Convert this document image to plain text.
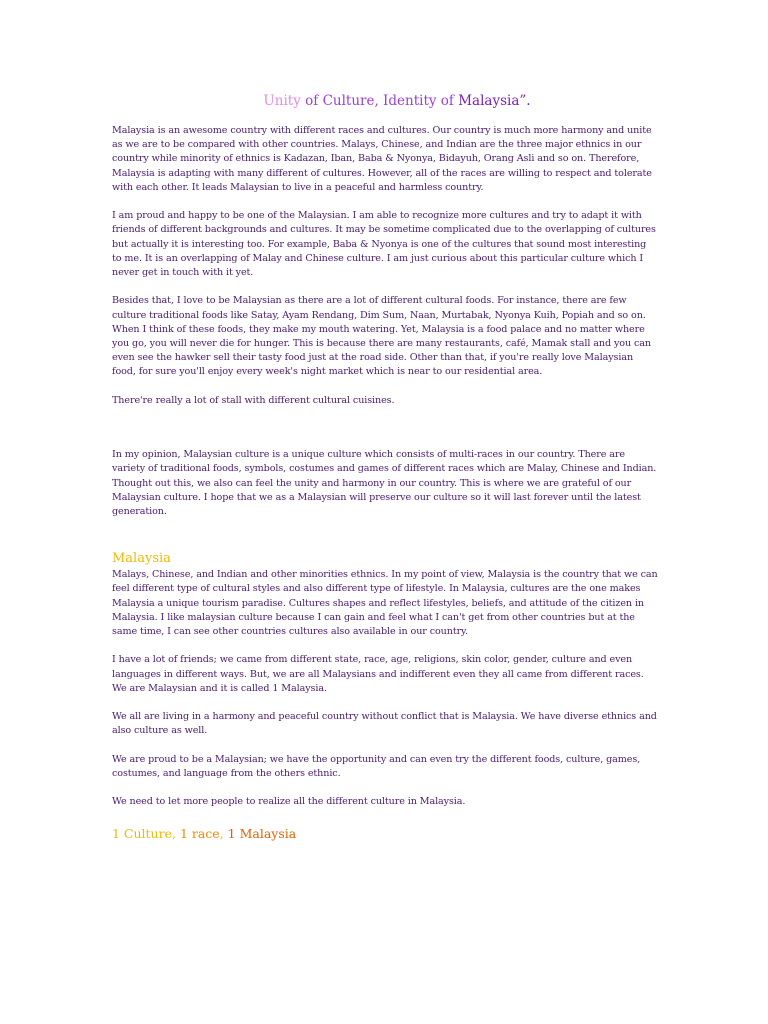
Unity of Culture, Identity of Malaysia”.

Malaysia is an awesome country with different races and cultures. Our country is much more harmony and unite as we are to be compared with other countries. Malays, Chinese, and Indian are the three major ethnics in our country while minority of ethnics is Kadazan, Iban, Baba & Nyonya, Bidayuh, Orang Asli and so on. Therefore, Malaysia is adapting with many different of cultures. However, all of the races are willing to respect and tolerate with each other. It leads Malaysian to live in a peaceful and harmless country.

I am proud and happy to be one of the Malaysian. I am able to recognize more cultures and try to adapt it with friends of different backgrounds and cultures. It may be sometime complicated due to the overlapping of cultures but actually it is interesting too. For example, Baba & Nyonya is one of the cultures that sound most interesting to me. It is an overlapping of Malay and Chinese culture. I am just curious about this particular culture which I never get in touch with it yet.

Besides that, I love to be Malaysian as there are a lot of different cultural foods. For instance, there are few culture traditional foods like Satay, Ayam Rendang, Dim Sum, Naan, Murtabak, Nyonya Kuih, Popiah and so on. When I think of these foods, they make my mouth watering. Yet, Malaysia is a food palace and no matter where you go, you will never die for hunger. This is because there are many restaurants, café, Mamak stall and you can even see the hawker sell their tasty food just at the road side. Other than that, if you're really love Malaysian food, for sure you'll enjoy every week's night market which is near to our residential area.

There're really a lot of stall with different cultural cuisines.

In my opinion, Malaysian culture is a unique culture which consists of multi-races in our country. There are variety of traditional foods, symbols, costumes and games of different races which are Malay, Chinese and Indian. Thought out this, we also can feel the unity and harmony in our country. This is where we are grateful of our Malaysian culture. I hope that we as a Malaysian will preserve our culture so it will last forever until the latest generation.

Malaysia

Malays, Chinese, and Indian and other minorities ethnics. In my point of view, Malaysia is the country that we can feel different type of cultural styles and also different type of lifestyle. In Malaysia, cultures are the one makes Malaysia a unique tourism paradise. Cultures shapes and reflect lifestyles, beliefs, and attitude of the citizen in Malaysia. I like malaysian culture because I can gain and feel what I can't get from other countries but at the same time, I can see other countries cultures also available in our country.

I have a lot of friends; we came from different state, race, age, religions, skin color, gender, culture and even languages in different ways. But, we are all Malaysians and indifferent even they all came from different races. We are Malaysian and it is called 1 Malaysia.

We all are living in a harmony and peaceful country without conflict that is Malaysia. We have diverse ethnics and also culture as well.

We are proud to be a Malaysian; we have the opportunity and can even try the different foods, culture, games, costumes, and language from the others ethnic.

We need to let more people to realize all the different culture in Malaysia.

1 Culture, 1 race, 1 Malaysia
